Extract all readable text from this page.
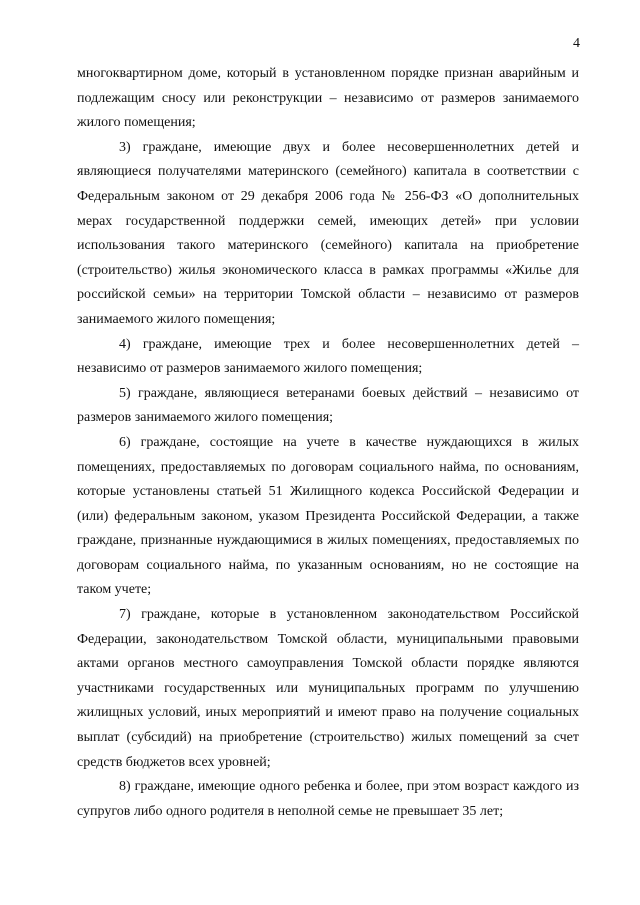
4

многоквартирном доме, который в установленном порядке признан аварийным и подлежащим сносу или реконструкции – независимо от размеров занимаемого жилого помещения;

3) граждане, имеющие двух и более несовершеннолетних детей и являющиеся получателями материнского (семейного) капитала в соответствии с Федеральным законом от 29 декабря 2006 года № 256-ФЗ «О дополнительных мерах государственной поддержки семей, имеющих детей» при условии использования такого материнского (семейного) капитала на приобретение (строительство) жилья экономического класса в рамках программы «Жилье для российской семьи» на территории Томской области – независимо от размеров занимаемого жилого помещения;

4) граждане, имеющие трех и более несовершеннолетних детей – независимо от размеров занимаемого жилого помещения;

5) граждане, являющиеся ветеранами боевых действий – независимо от размеров занимаемого жилого помещения;

6) граждане, состоящие на учете в качестве нуждающихся в жилых помещениях, предоставляемых по договорам социального найма, по основаниям, которые установлены статьей 51 Жилищного кодекса Российской Федерации и (или) федеральным законом, указом Президента Российской Федерации, а также граждане, признанные нуждающимися в жилых помещениях, предоставляемых по договорам социального найма, по указанным основаниям, но не состоящие на таком учете;

7) граждане, которые в установленном законодательством Российской Федерации, законодательством Томской области, муниципальными правовыми актами органов местного самоуправления Томской области порядке являются участниками государственных или муниципальных программ по улучшению жилищных условий, иных мероприятий и имеют право на получение социальных выплат (субсидий) на приобретение (строительство) жилых помещений за счет средств бюджетов всех уровней;

8) граждане, имеющие одного ребенка и более, при этом возраст каждого из супругов либо одного родителя в неполной семье не превышает 35 лет;
